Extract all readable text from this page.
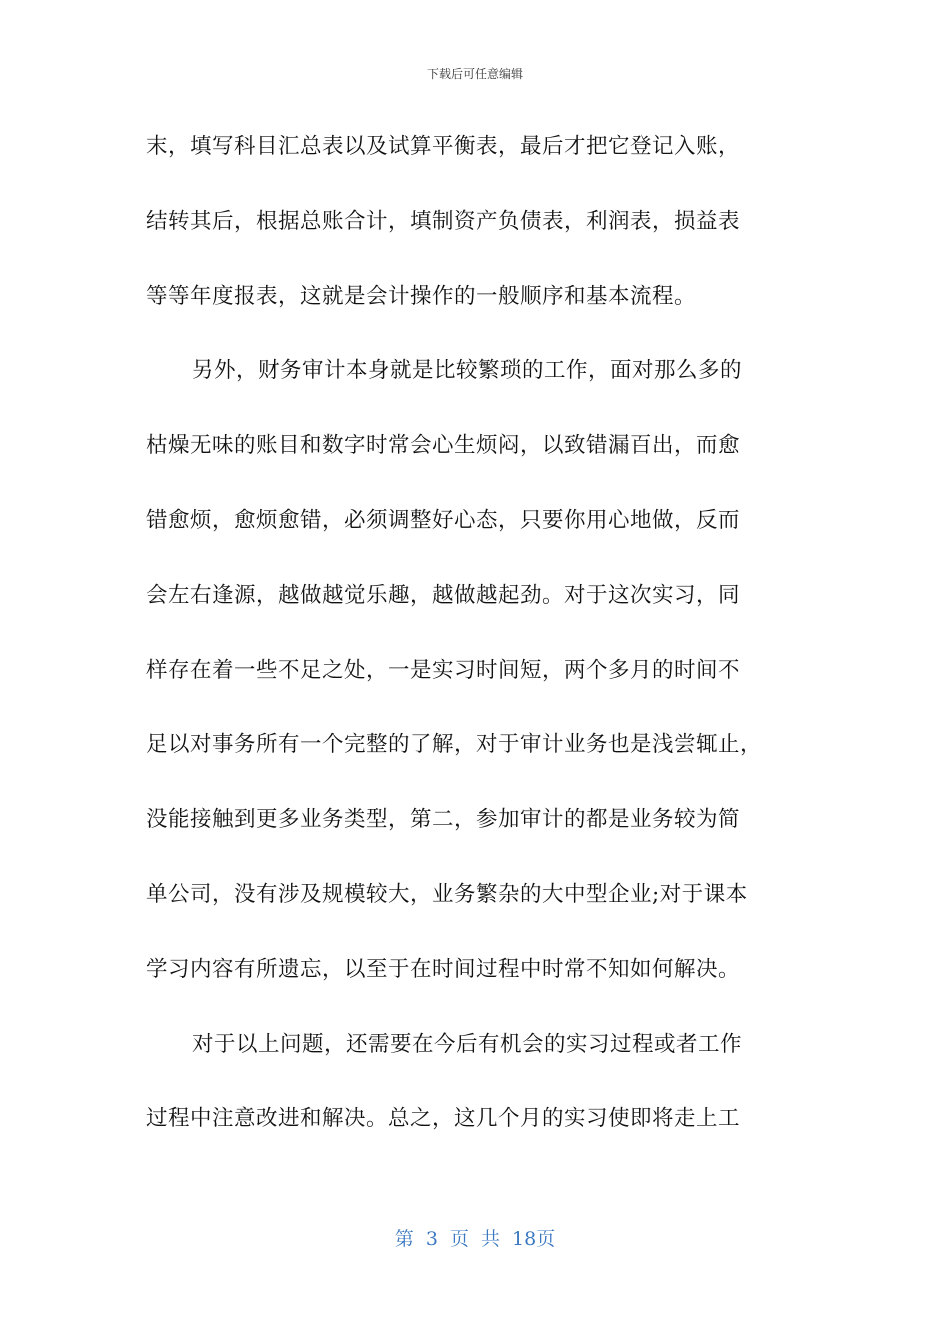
下载后可任意编辑
末，填写科目汇总表以及试算平衡表，最后才把它登记入账，
结转其后，根据总账合计，填制资产负债表，利润表，损益表
等等年度报表，这就是会计操作的一般顺序和基本流程。
另外，财务审计本身就是比较繁琐的工作，面对那么多的
枯燥无味的账目和数字时常会心生烦闷，以致错漏百出，而愈
错愈烦，愈烦愈错，必须调整好心态，只要你用心地做，反而
会左右逢源，越做越觉乐趣，越做越起劲。对于这次实习，同
样存在着一些不足之处，一是实习时间短，两个多月的时间不
足以对事务所有一个完整的了解，对于审计业务也是浅尝辄止，
没能接触到更多业务类型，第二，参加审计的都是业务较为简
单公司，没有涉及规模较大，业务繁杂的大中型企业;对于课本
学习内容有所遗忘，以至于在时间过程中时常不知如何解决。
对于以上问题，还需要在今后有机会的实习过程或者工作
过程中注意改进和解决。总之，这几个月的实习使即将走上工
第 3 页 共 18页
